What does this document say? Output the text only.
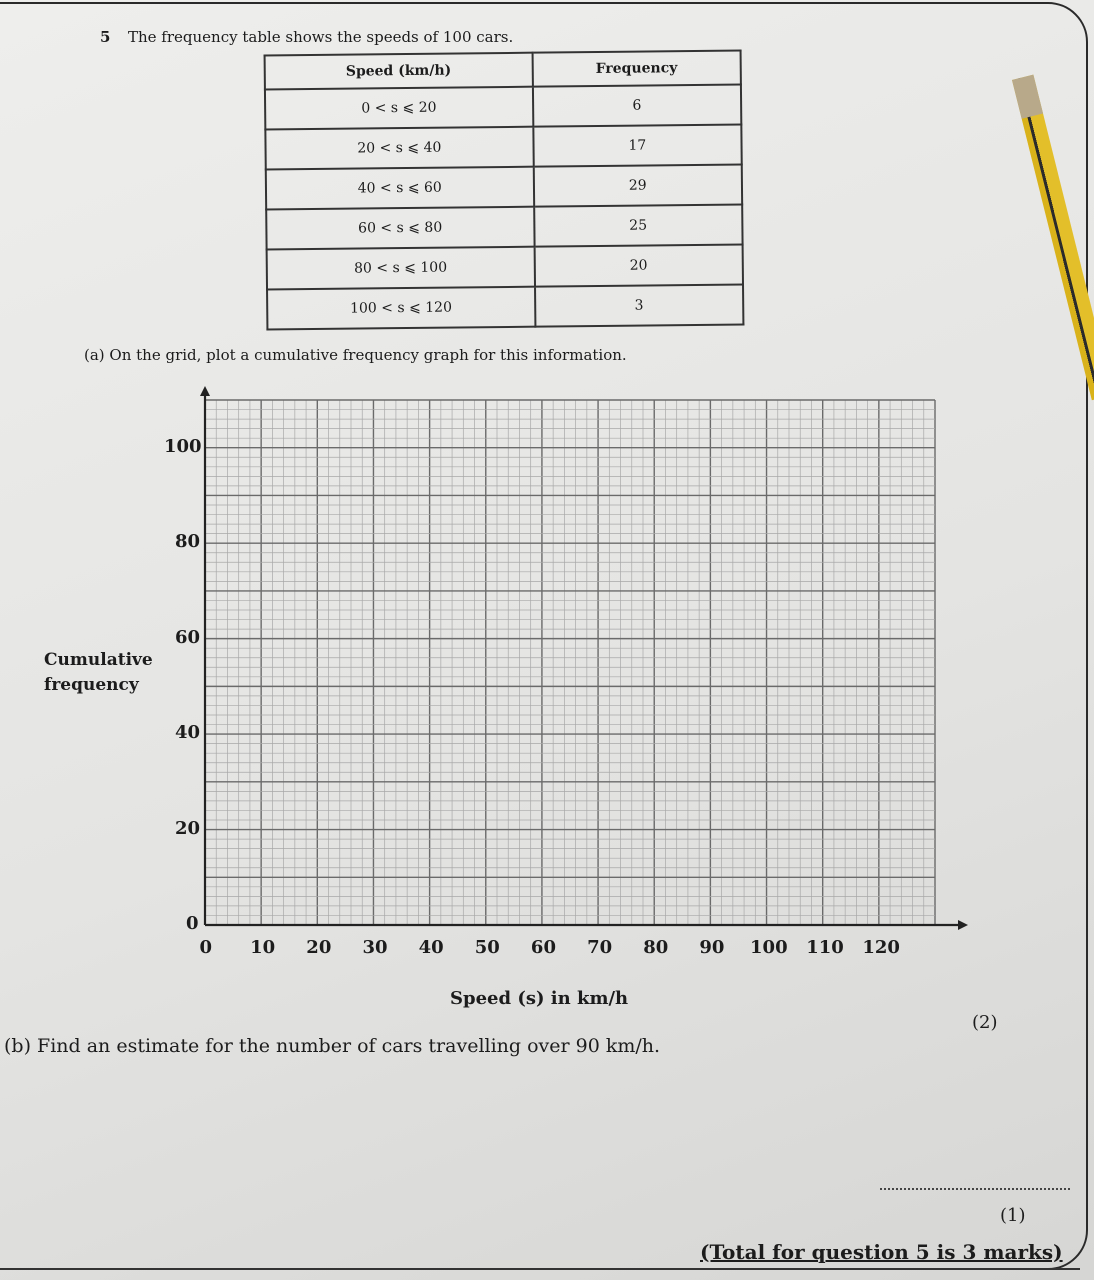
5 The frequency table shows the speeds of 100 cars.
Speed (km/h)	Frequency
0 < s ⩽ 20	6
20 < s ⩽ 40	17
40 < s ⩽ 60	29
60 < s ⩽ 80	25
80 < s ⩽ 100	20
100 < s ⩽ 120	3
(a) On the grid, plot a cumulative frequency graph for this information.
0 10 20 30 40 50 60 70 80 90 100 110 120
0
20
40
60
80
100
Cumulative frequency
Speed (s) in km/h
(2)
(b) Find an estimate for the number of cars travelling over 90 km/h.
(1)
(Total for question 5 is 3 marks)
